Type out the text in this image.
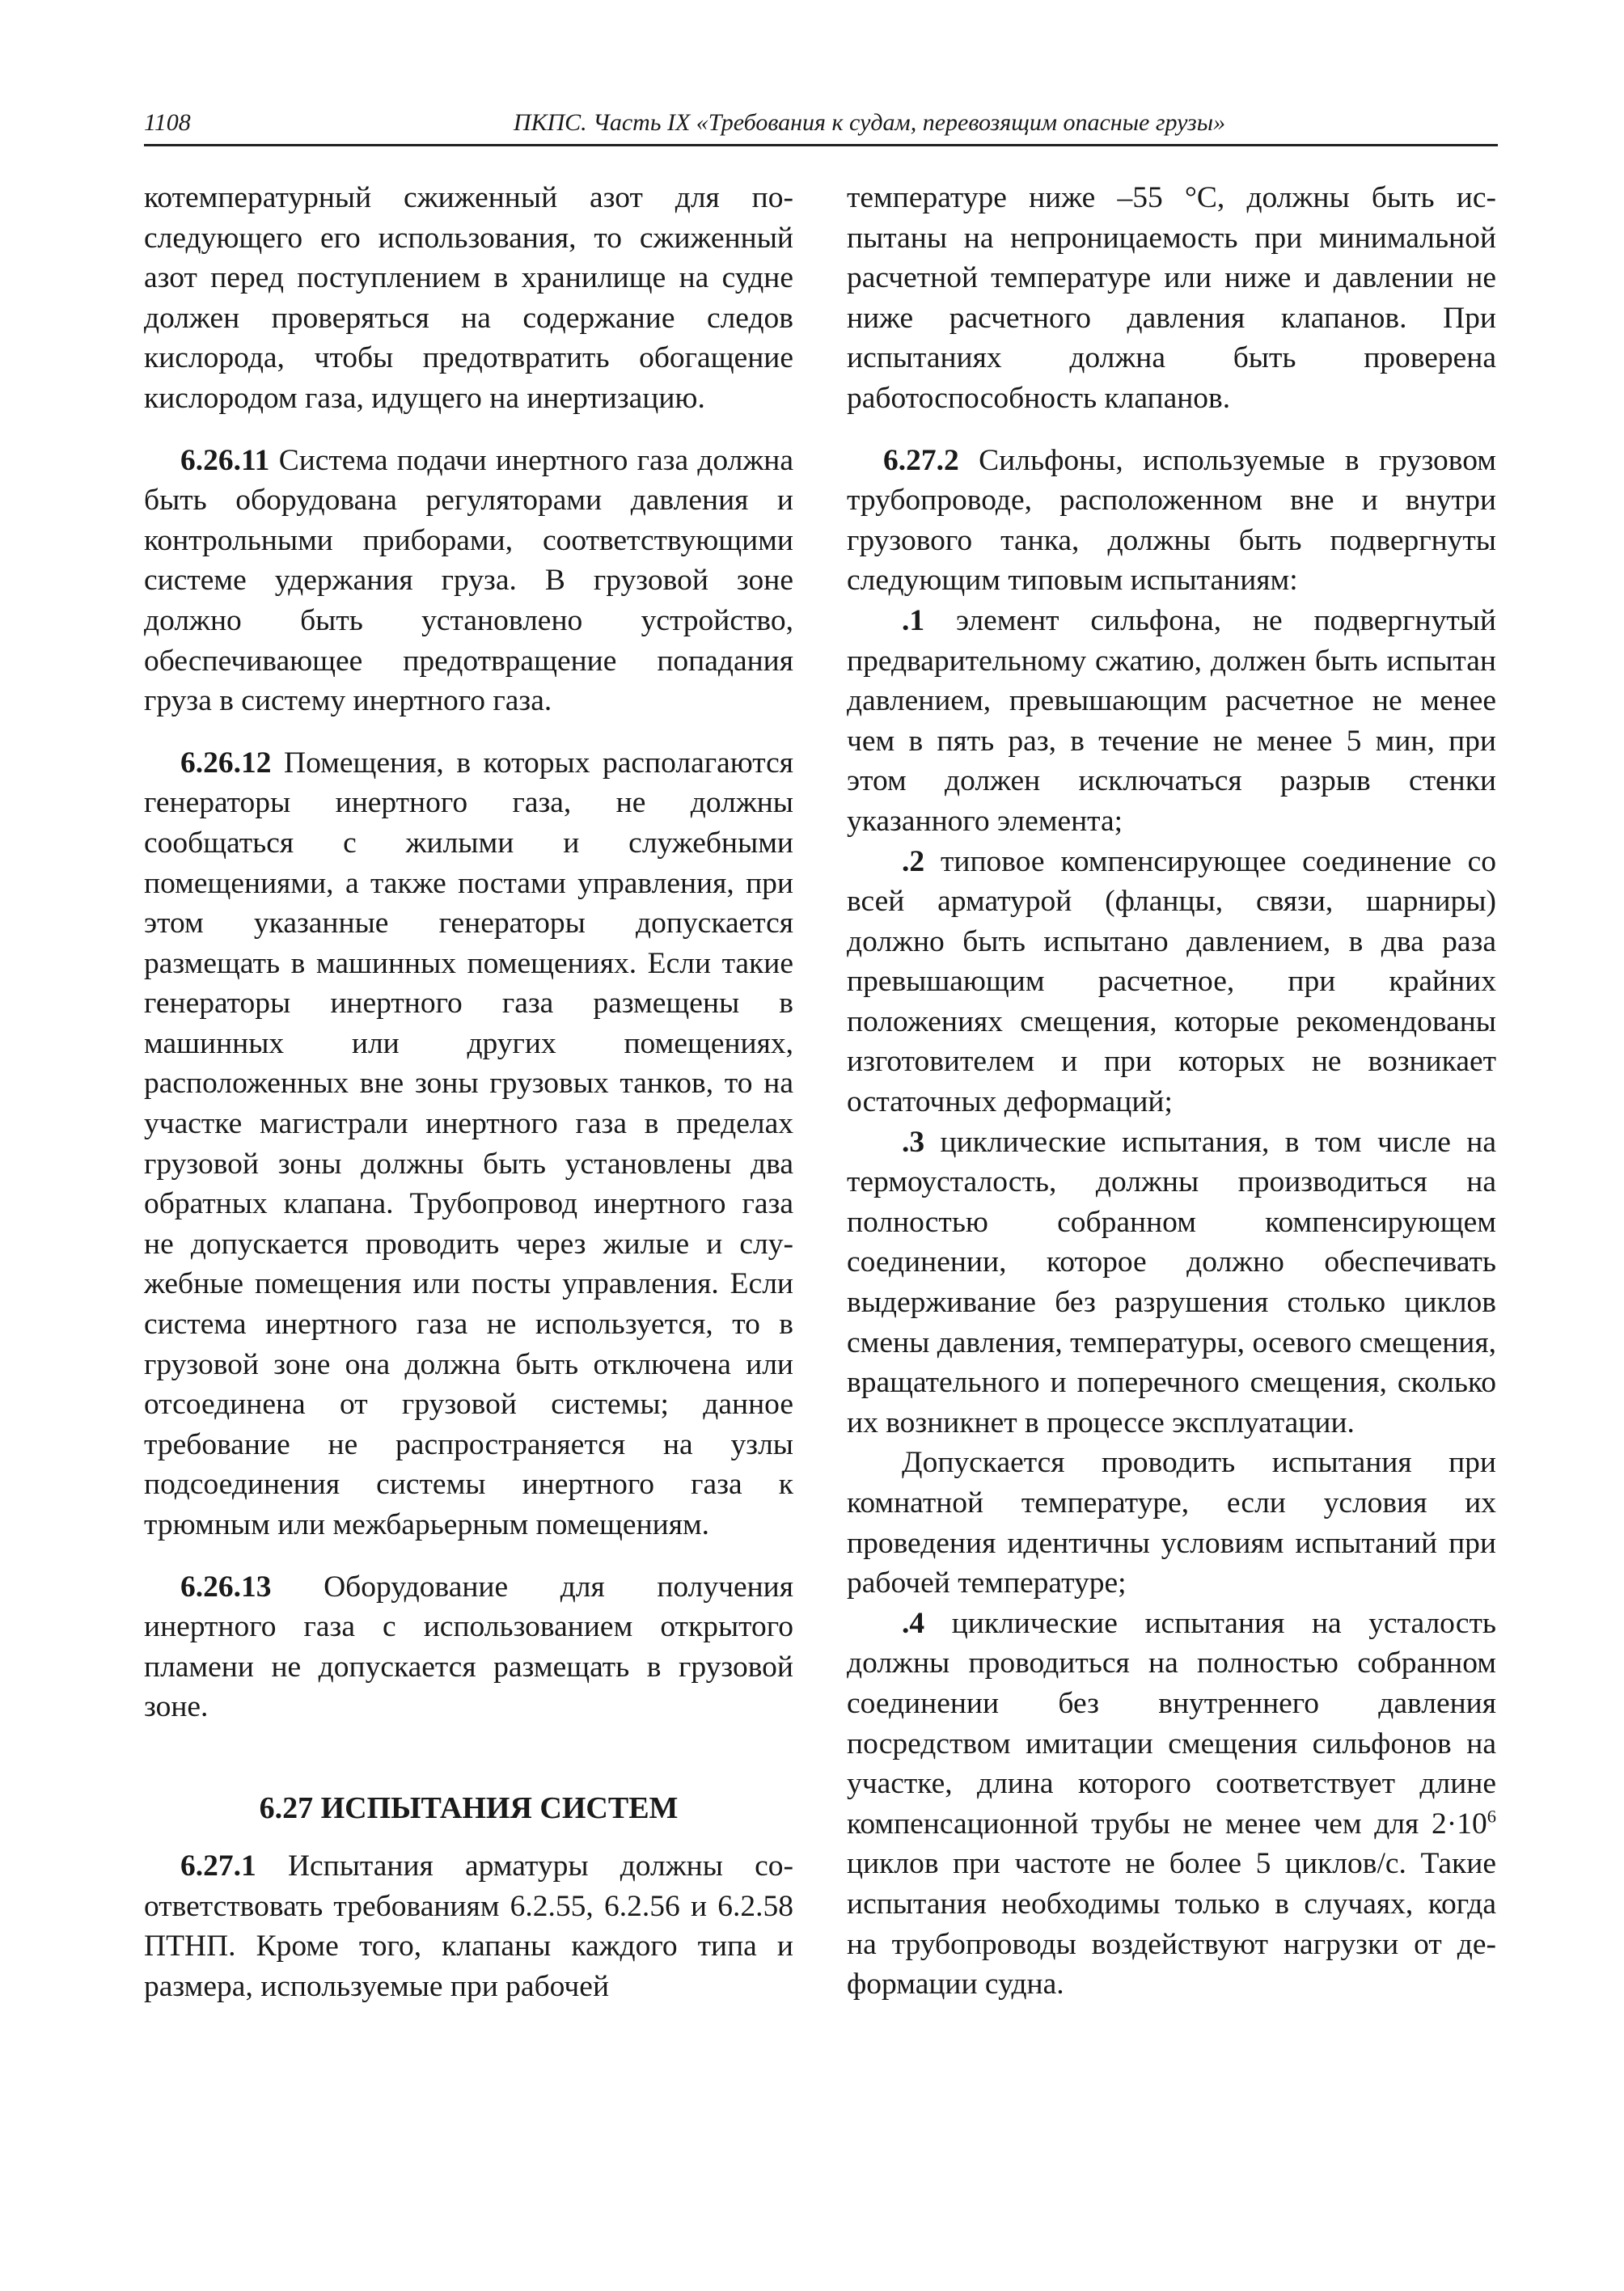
1108	ПКПС. Часть IX «Требования к судам, перевозящим опасные грузы»

котемпературный сжиженный азот для последующего его использования, то сжиженный азот перед поступлением в хранилище на судне должен проверяться на содержание следов кислорода, чтобы предотвратить обогащение кислородом газа, идущего на инертизацию.

6.26.11 Система подачи инертного газа должна быть оборудована регуляторами давления и контрольными приборами, соответствующими системе удержания груза. В грузовой зоне должно быть установлено устройство, обеспечивающее предотвращение попадания груза в систему инертного газа.

6.26.12 Помещения, в которых располагаются генераторы инертного газа, не должны сообщаться с жилыми и служебными помещениями, а также постами управления, при этом указанные генераторы допускается размещать в машинных помещениях. Если такие генераторы инертного газа размещены в машинных или других помещениях, расположенных вне зоны грузовых танков, то на участке магистрали инертного газа в пределах грузовой зоны должны быть установлены два обратных клапана. Трубопровод инертного газа не допускается проводить через жилые и служебные помещения или посты управления. Если система инертного газа не используется, то в грузовой зоне она должна быть отключена или отсоединена от грузовой системы; данное требование не распространяется на узлы подсоединения системы инертного газа к трюмным или межбарьерным помещениям.

6.26.13 Оборудование для получения инертного газа с использованием открытого пламени не допускается размещать в грузовой зоне.

6.27 ИСПЫТАНИЯ СИСТЕМ

6.27.1 Испытания арматуры должны соответствовать требованиям 6.2.55, 6.2.56 и 6.2.58 ПТНП. Кроме того, клапаны каждого типа и размера, используемые при рабочей

температуре ниже –55 °С, должны быть испытаны на непроницаемость при минимальной расчетной температуре или ниже и давлении не ниже расчетного давления клапанов. При испытаниях должна быть проверена работоспособность клапанов.

6.27.2 Сильфоны, используемые в грузовом трубопроводе, расположенном вне и внутри грузового танка, должны быть подвергнуты следующим типовым испытаниям:

.1 элемент сильфона, не подвергнутый предварительному сжатию, должен быть испытан давлением, превышающим расчетное не менее чем в пять раз, в течение не менее 5 мин, при этом должен исключаться разрыв стенки указанного элемента;

.2 типовое компенсирующее соединение со всей арматурой (фланцы, связи, шарниры) должно быть испытано давлением, в два раза превышающим расчетное, при крайних положениях смещения, которые рекомендованы изготовителем и при которых не возникает остаточных деформаций;

.3 циклические испытания, в том числе на термоусталость, должны производиться на полностью собранном компенсирующем соединении, которое должно обеспечивать выдерживание без разрушения столько циклов смены давления, температуры, осевого смещения, вращательного и поперечного смещения, сколько их возникнет в процессе эксплуатации.

Допускается проводить испытания при комнатной температуре, если условия их проведения идентичны условиям испытаний при рабочей температуре;

.4 циклические испытания на усталость должны проводиться на полностью собранном соединении без внутреннего давления посредством имитации смещения сильфонов на участке, длина которого соответствует длине компенсационной трубы не менее чем для $2\cdot 10^6$ циклов при частоте не более 5 циклов/с. Такие испытания необходимы только в случаях, когда на трубопроводы воздействуют нагрузки от деформации судна.
